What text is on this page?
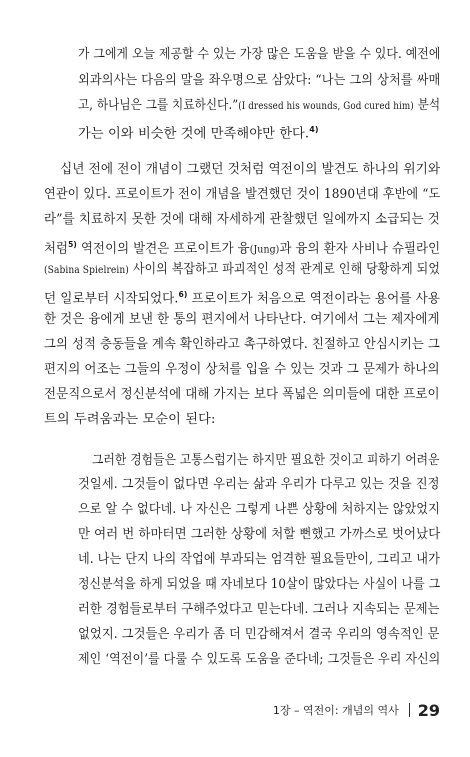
가 그에게 오늘 제공할 수 있는 가장 많은 도움을 받을 수 있다. 예전에
외과의사는 다음의 말을 좌우명으로 삼았다: “나는 그의 상처를 싸매
고, 하나님은 그를 치료하신다.”(I dressed his wounds, God cured him) 분석
가는 이와 비슷한 것에 만족해야만 한다.$^{4)}$
십년 전에 전이 개념이 그랬던 것처럼 역전이의 발견도 하나의 위기와
연관이 있다. 프로이트가 전이 개념을 발견했던 것이 1890년대 후반에 “도
라”를 치료하지 못한 것에 대해 자세하게 관찰했던 일에까지 소급되는 것
처럼$^{5)}$ 역전이의 발견은 프로이트가 융(Jung)과 융의 환자 사비나 슈필라인
(Sabina Spielrein) 사이의 복잡하고 파괴적인 성적 관계로 인해 당황하게 되었
던 일로부터 시작되었다.$^{6)}$ 프로이트가 처음으로 역전이라는 용어를 사용
한 것은 융에게 보낸 한 통의 편지에서 나타난다. 여기에서 그는 제자에게
그의 성적 충동들을 계속 확인하라고 촉구하였다. 친절하고 안심시키는 그
편지의 어조는 그들의 우정이 상처를 입을 수 있는 것과 그 문제가 하나의
전문직으로서 정신분석에 대해 가지는 보다 폭넓은 의미들에 대한 프로이
트의 두려움과는 모순이 된다:
그러한 경험들은 고통스럽기는 하지만 필요한 것이고 피하기 어려운
것일세. 그것들이 없다면 우리는 삶과 우리가 다루고 있는 것을 진정
으로 알 수 없다네. 나 자신은 그렇게 나쁜 상황에 처하지는 않았었지
만 여러 번 하마터면 그러한 상황에 처할 뻔했고 가까스로 벗어났다
네. 나는 단지 나의 작업에 부과되는 엄격한 필요들만이, 그리고 내가
정신분석을 하게 되었을 때 자네보다 10살이 많았다는 사실이 나를 그
러한 경험들로부터 구해주었다고 믿는다네. 그러나 지속되는 문제는
없었지. 그것들은 우리가 좀 더 민감해져서 결국 우리의 영속적인 문
제인 ‘역전이’를 다룰 수 있도록 도움을 준다네; 그것들은 우리 자신의
1장 – 역전이: 개념의 역사 29
